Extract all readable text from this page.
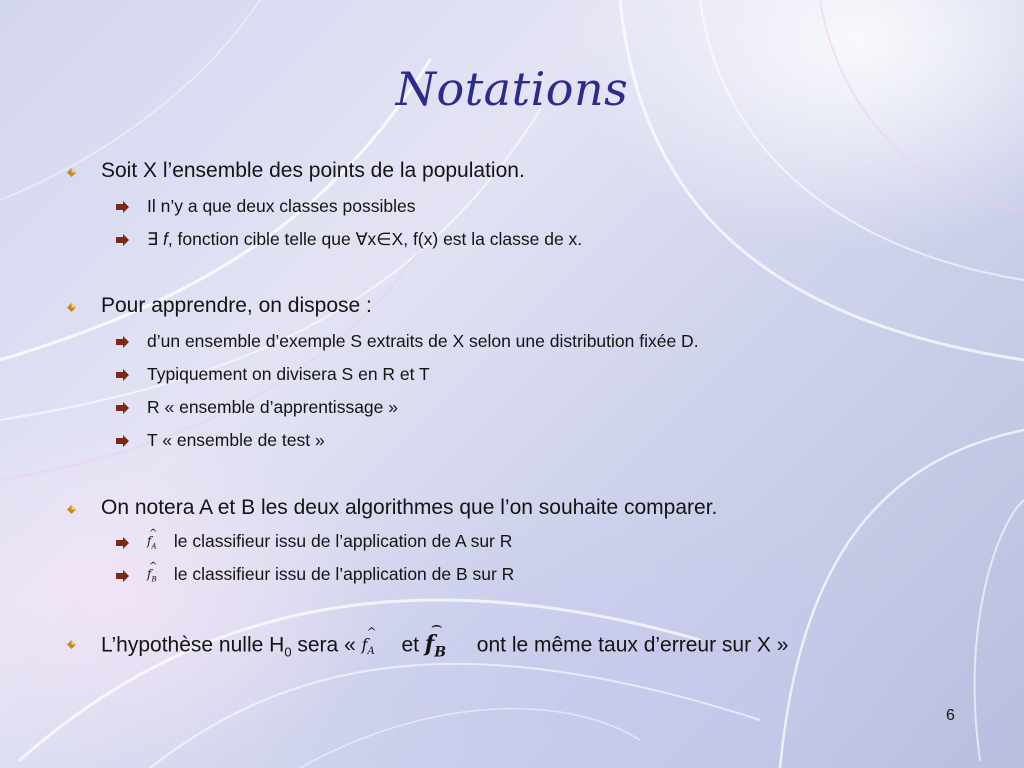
Notations
Soit X l’ensemble des points de la population.
Il n’y a que deux classes possibles
∃ f, fonction cible telle que ∀x∈X, f(x) est la classe de x.
Pour apprendre, on dispose :
d’un ensemble d’exemple S extraits de X selon une distribution fixée D.
Typiquement on divisera S en R et T
R « ensemble d’apprentissage »
T « ensemble de test »
On notera A et B les deux algorithmes que l’on souhaite comparer.
^
$f_A$ le classifieur issu de l’application de A sur R
^
$f_B$ le classifieur issu de l’application de B sur R
L’hypothèse nulle $H_0$ sera «
^
$f_A$ et
⌢
$f_B$ ont le même taux d’erreur sur X »
6
